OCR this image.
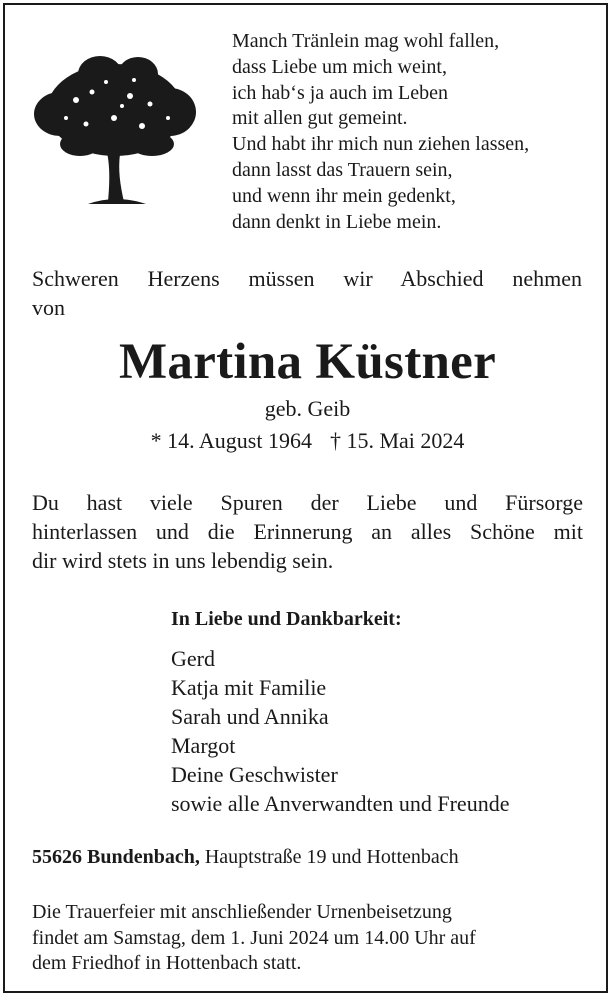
Manch Tränlein mag wohl fallen,
dass Liebe um mich weint,
ich hab‘s ja auch im Leben
mit allen gut gemeint.
Und habt ihr mich nun ziehen lassen,
dann lasst das Trauern sein,
und wenn ihr mein gedenkt,
dann denkt in Liebe mein.
Schweren Herzens müssen wir Abschied nehmen
von
Martina Küstner
geb. Geib
* 14. August 1964 † 15. Mai 2024
Du hast viele Spuren der Liebe und Fürsorge
hinterlassen und die Erinnerung an alles Schöne mit
dir wird stets in uns lebendig sein.
In Liebe und Dankbarkeit:
Gerd
Katja mit Familie
Sarah und Annika
Margot
Deine Geschwister
sowie alle Anverwandten und Freunde
55626 Bundenbach, Hauptstraße 19 und Hottenbach
Die Trauerfeier mit anschließender Urnenbeisetzung
findet am Samstag, dem 1. Juni 2024 um 14.00 Uhr auf
dem Friedhof in Hottenbach statt.
